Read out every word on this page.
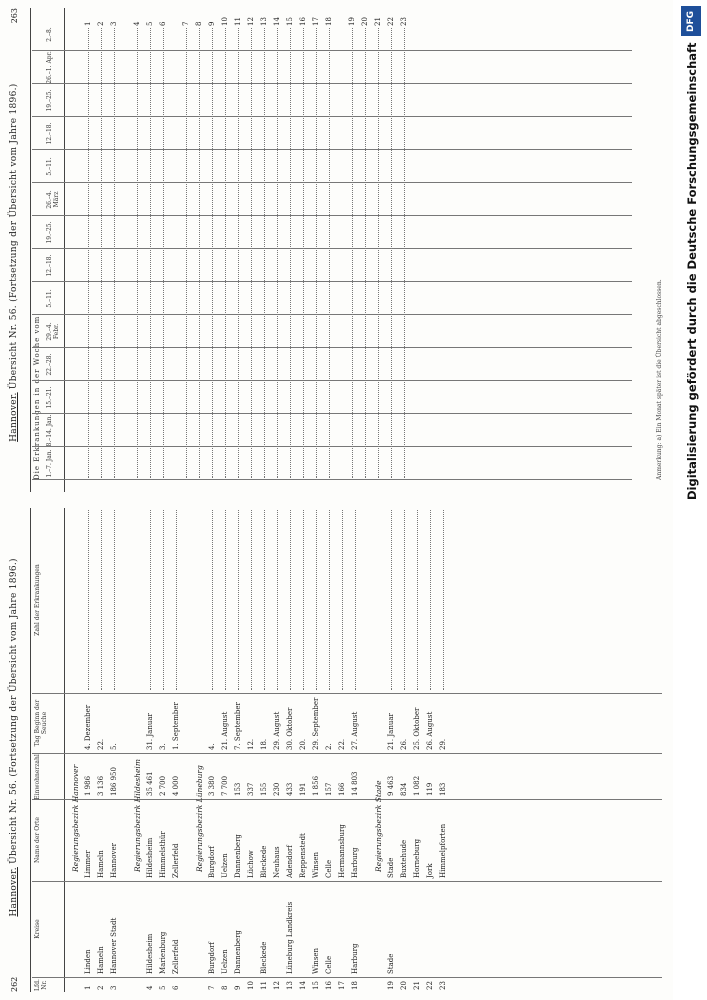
262
Hannover. Übersicht Nr. 56. (Fortsetzung der Übersicht vom Jahre 1896.)
Lfd. Nr.
Kreise
Name der Orte
Einwohnerzahl
Tag Beginn der Seuche
Zahl der Erkrankungen
Regierungsbezirk Hannover
1
Linden
Limmer
1 986
4. Dezember
2
Hameln
Hameln
3 136
22.
3
Hannover Stadt
Hannover
186 950
5.
Regierungsbezirk Hildesheim
4
Hildesheim
Hildesheim
35 461
31. Januar
5
Marienburg
Himmelsthür
2 700
3.
6
Zellerfeld
Zellerfeld
4 000
1. September
Regierungsbezirk Lüneburg
7
Burgdorf
Burgdorf
3 380
4.
8
Uelzen
Uelzen
7 700
21. August
9
Dannenberg
Dannenberg
153
7. September
10
Lüchow
337
12.
11
Bleckede
Bleckede
155
18.
12
Neuhaus
230
29. August
13
Lüneburg Landkreis
Adendorf
433
30. Oktober
14
Reppenstedt
191
20.
15
Winsen
Winsen
1 856
29. September
16
Celle
Celle
157
2.
17
Hermannsburg
166
22.
18
Harburg
Harburg
14 803
27. August
Regierungsbezirk Stade
19
Stade
Stade
9 463
21. Januar
20
Buxtehude
834
26.
21
Horneburg
1 082
25. Oktober
22
Jork
119
26. August
23
Himmelpforten
183
29.
Hannover. Übersicht Nr. 56. (Fortsetzung der Übersicht vom Jahre 1896.)
263
Die Erkrankungen in der Woche vom 1.–7. Jan.
8.–14. Jan.
15.–21.
22.–28.
29.–4. Febr.
5.–11.
12.–18.
19.–25.
26.–4. März
5.–11.
12.–18.
19.–25.
26.–1. Apr.
2.–8.
1 2 3 4 5 6 7 8 9 10 11 12 13 14 15 16 17 18 19 20 21 22 23
Anmerkung: a) Ein Monat später ist die Übersicht abgeschlossen.
DFG
Digitalisierung gefördert durch die Deutsche Forschungsgemeinschaft
